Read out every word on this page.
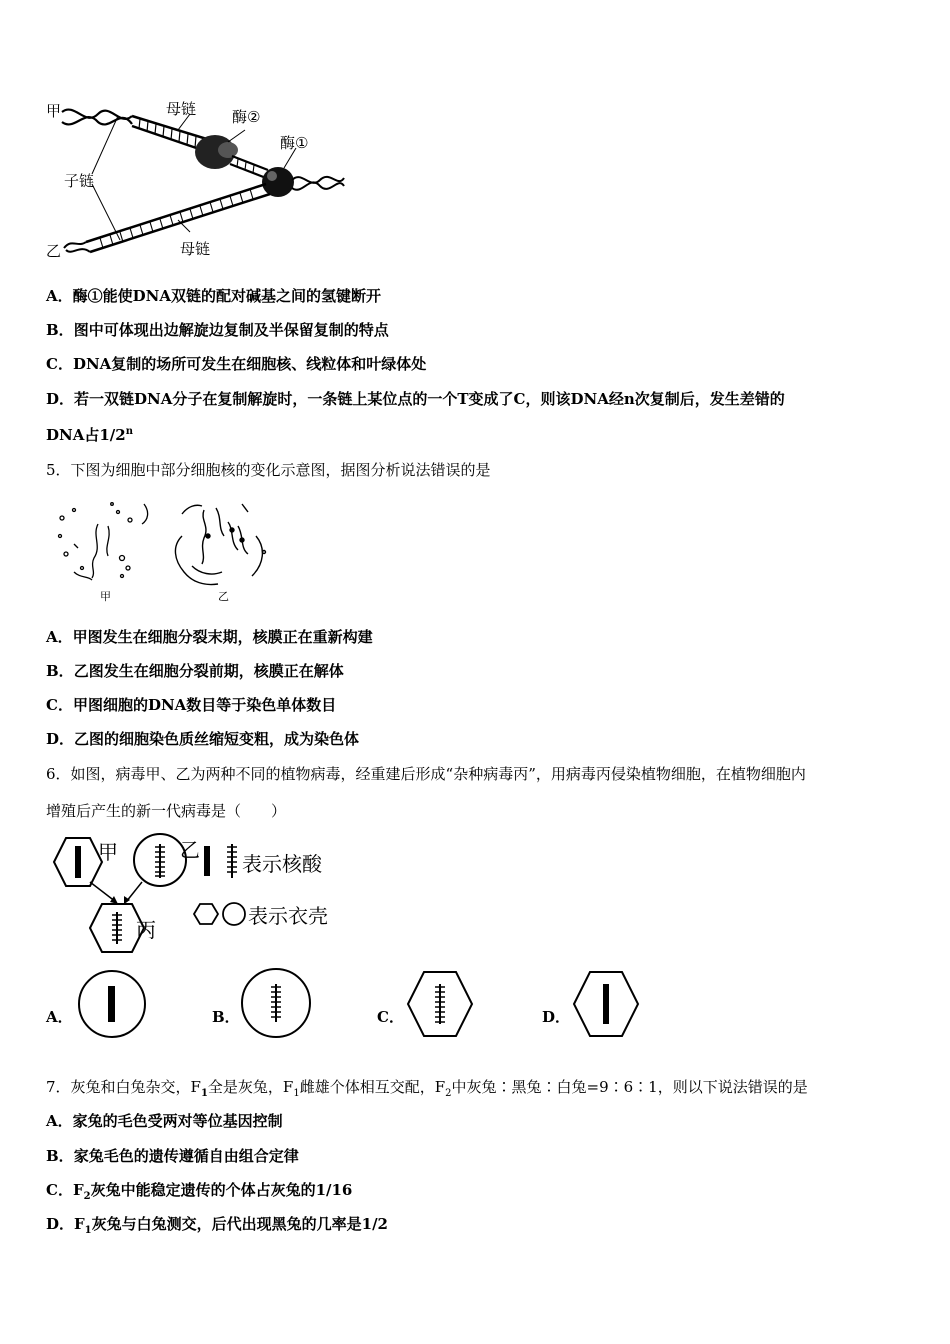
甲	母链 酶②
酶①
子链
乙	母链
A．酶①能使DNA双链的配对碱基之间的氢键断开
B．图中可体现出边解旋边复制及半保留复制的特点
C．DNA复制的场所可发生在细胞核、线粒体和叶绿体处
D．若一双链DNA分子在复制解旋时，一条链上某位点的一个T变成了C，则该DNA经n次复制后，发生差错的
DNA占1/2$^n$
5．下图为细胞中部分细胞核的变化示意图，据图分析说法错误的是
甲	乙
A．甲图发生在细胞分裂末期，核膜正在重新构建
B．乙图发生在细胞分裂前期，核膜正在解体
C．甲图细胞的DNA数目等于染色单体数目
D．乙图的细胞染色质丝缩短变粗，成为染色体
6．如图，病毒甲、乙为两种不同的植物病毒，经重建后形成“杂种病毒丙”，用病毒丙侵染植物细胞，在植物细胞内
增殖后产生的新一代病毒是（　　）
甲	乙
丙
表示核酸
表示衣壳
A．	B．	C．	D．
7．灰兔和白兔杂交，$F_1$全是灰兔，$F_1$雌雄个体相互交配，$F_2$中灰兔∶黑兔∶白兔=9∶6∶1，则以下说法错误的是
A．家兔的毛色受两对等位基因控制
B．家兔毛色的遗传遵循自由组合定律
C．$F_2$灰兔中能稳定遗传的个体占灰兔的1/16
D．$F_1$灰兔与白兔测交，后代出现黑兔的几率是1/2
